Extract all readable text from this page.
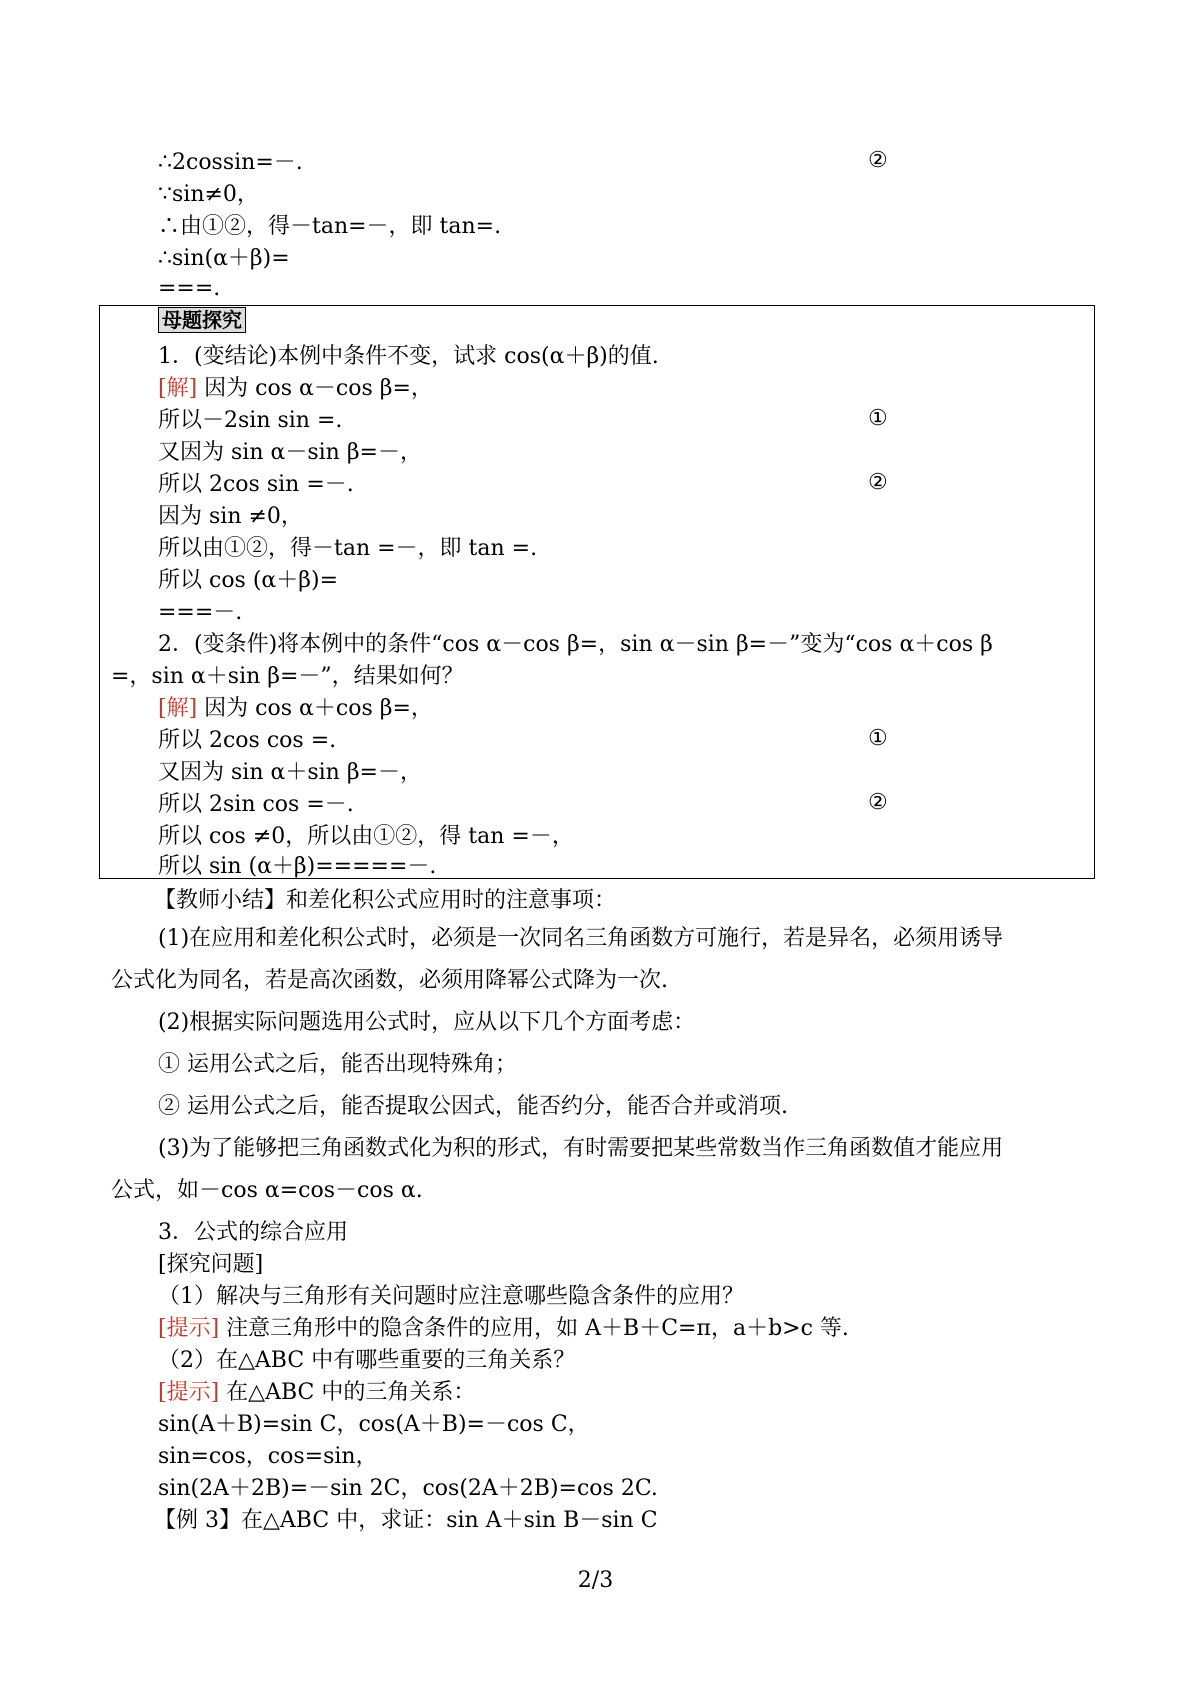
∴2cossin=－.	②
∵sin≠0，
∴由①②，得－tan=－，即 tan=.
∴sin(α＋β)=
===.
母题探究
1．(变结论)本例中条件不变，试求 cos(α＋β)的值.
[解] 因为 cos α－cos β=，
所以－2sin sin =.	①
又因为 sin α－sin β=－，
所以 2cos sin =－.	②
因为 sin ≠0，
所以由①②，得－tan =－，即 tan =.
所以 cos (α＋β)=
===－.
2．(变条件)将本例中的条件“cos α－cos β=，sin α－sin β=－”变为“cos α＋cos β
=，sin α＋sin β=－”，结果如何？
[解] 因为 cos α＋cos β=，
所以 2cos cos =.	①
又因为 sin α＋sin β=－，
所以 2sin cos =－.	②
所以 cos ≠0，所以由①②，得 tan =－，
所以 sin (α＋β)=====－.
【教师小结】和差化积公式应用时的注意事项：
(1)在应用和差化积公式时，必须是一次同名三角函数方可施行，若是异名，必须用诱导
公式化为同名，若是高次函数，必须用降幂公式降为一次.
(2)根据实际问题选用公式时，应从以下几个方面考虑：
① 运用公式之后，能否出现特殊角；
② 运用公式之后，能否提取公因式，能否约分，能否合并或消项.
(3)为了能够把三角函数式化为积的形式，有时需要把某些常数当作三角函数值才能应用
公式，如－cos α=cos－cos α.
3．公式的综合应用
[探究问题]
（1）解决与三角形有关问题时应注意哪些隐含条件的应用？
[提示] 注意三角形中的隐含条件的应用，如 A＋B＋C=π，a＋b>c 等.
（2）在△ABC 中有哪些重要的三角关系？
[提示] 在△ABC 中的三角关系：
sin(A＋B)=sin C，cos(A＋B)=－cos C，
sin=cos，cos=sin，
sin(2A＋2B)=－sin 2C，cos(2A＋2B)=cos 2C.
【例 3】在△ABC 中，求证：sin A＋sin B－sin C
2/3
